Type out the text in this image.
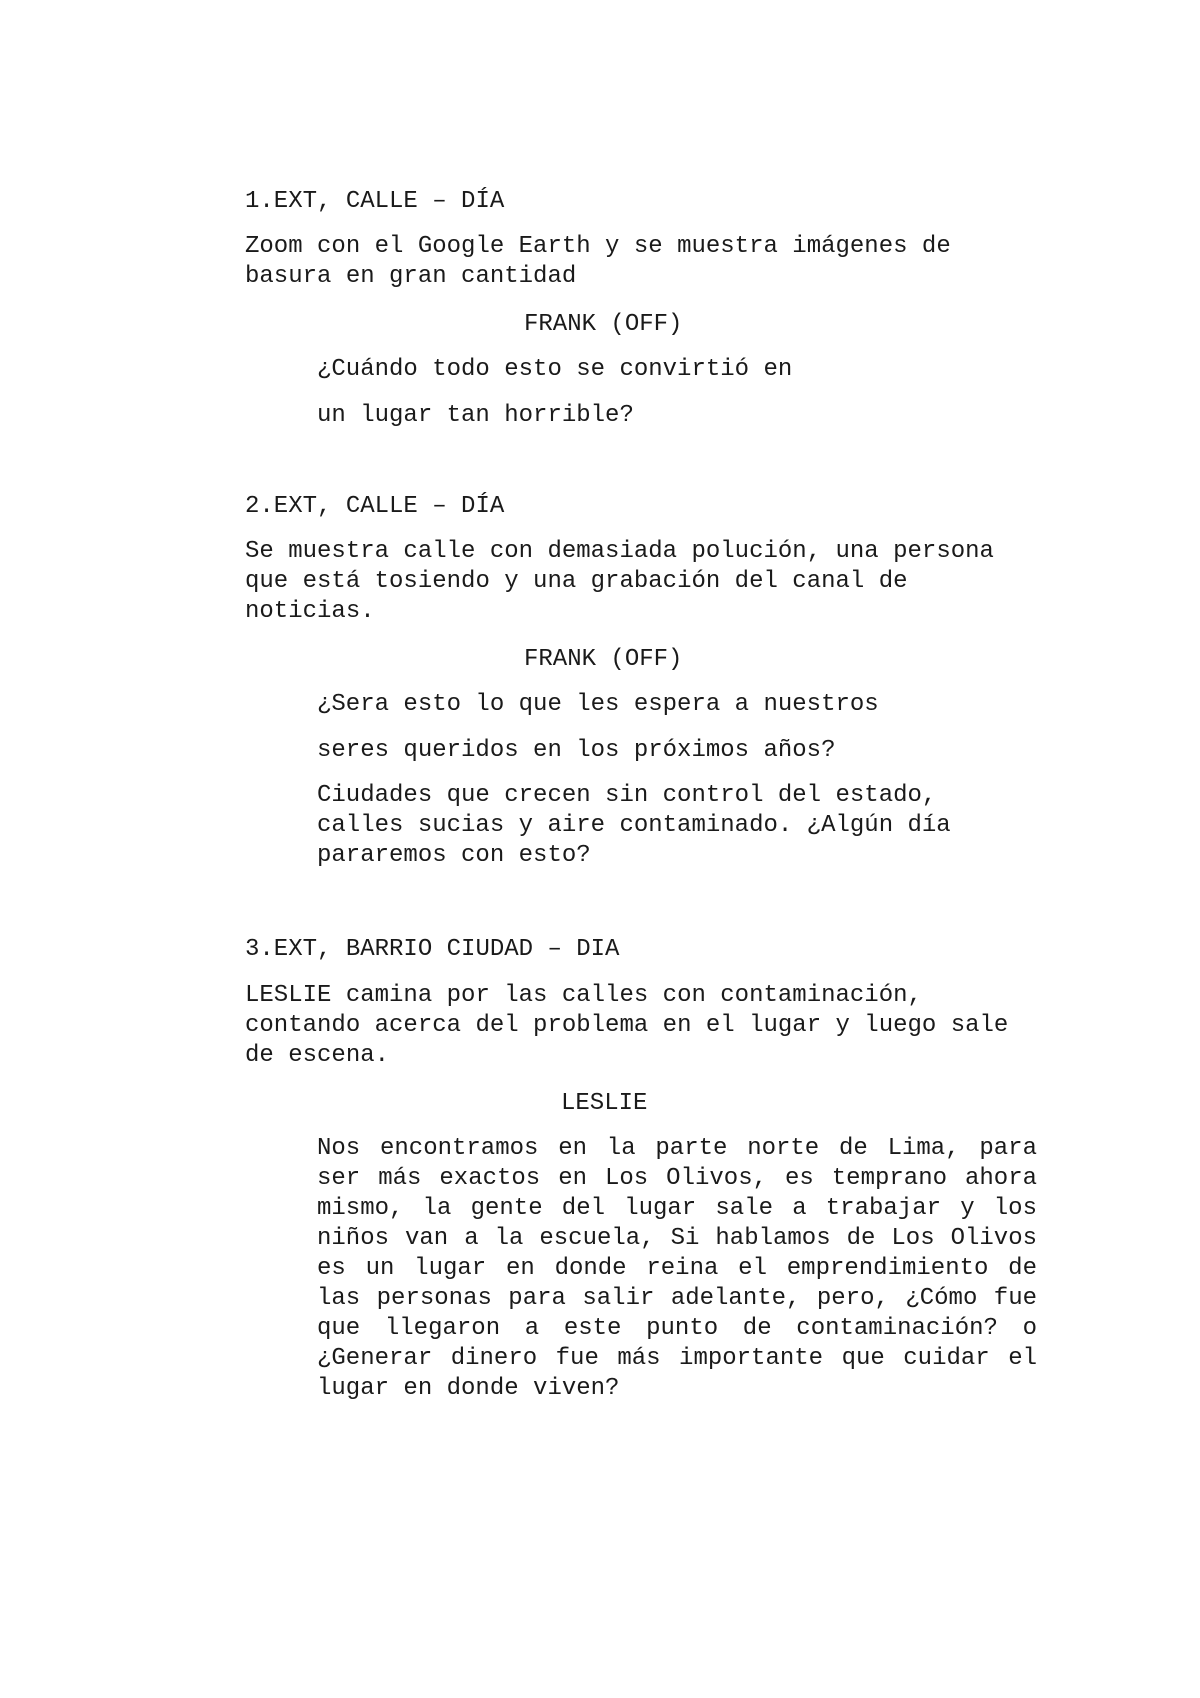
1.EXT, CALLE – DÍA

Zoom con el Google Earth y se muestra imágenes de
basura en gran cantidad

FRANK (OFF)

¿Cuándo todo esto se convirtió en

un lugar tan horrible?

2.EXT, CALLE – DÍA

Se muestra calle con demasiada polución, una persona
que está tosiendo y una grabación del canal de
noticias.

FRANK (OFF)

¿Sera esto lo que les espera a nuestros

seres queridos en los próximos años?

Ciudades que crecen sin control del estado,
calles sucias y aire contaminado. ¿Algún día
pararemos con esto?

3.EXT, BARRIO CIUDAD – DIA

LESLIE camina por las calles con contaminación,
contando acerca del problema en el lugar y luego sale
de escena.

LESLIE

Nos encontramos en la parte norte de Lima, para ser más exactos en Los Olivos, es temprano ahora mismo, la gente del lugar sale a trabajar y los niños van a la escuela, Si hablamos de Los Olivos es un lugar en donde reina el emprendimiento de las personas para salir adelante, pero, ¿Cómo fue que llegaron a este punto de contaminación? o ¿Generar dinero fue más importante que cuidar el lugar en donde viven?
